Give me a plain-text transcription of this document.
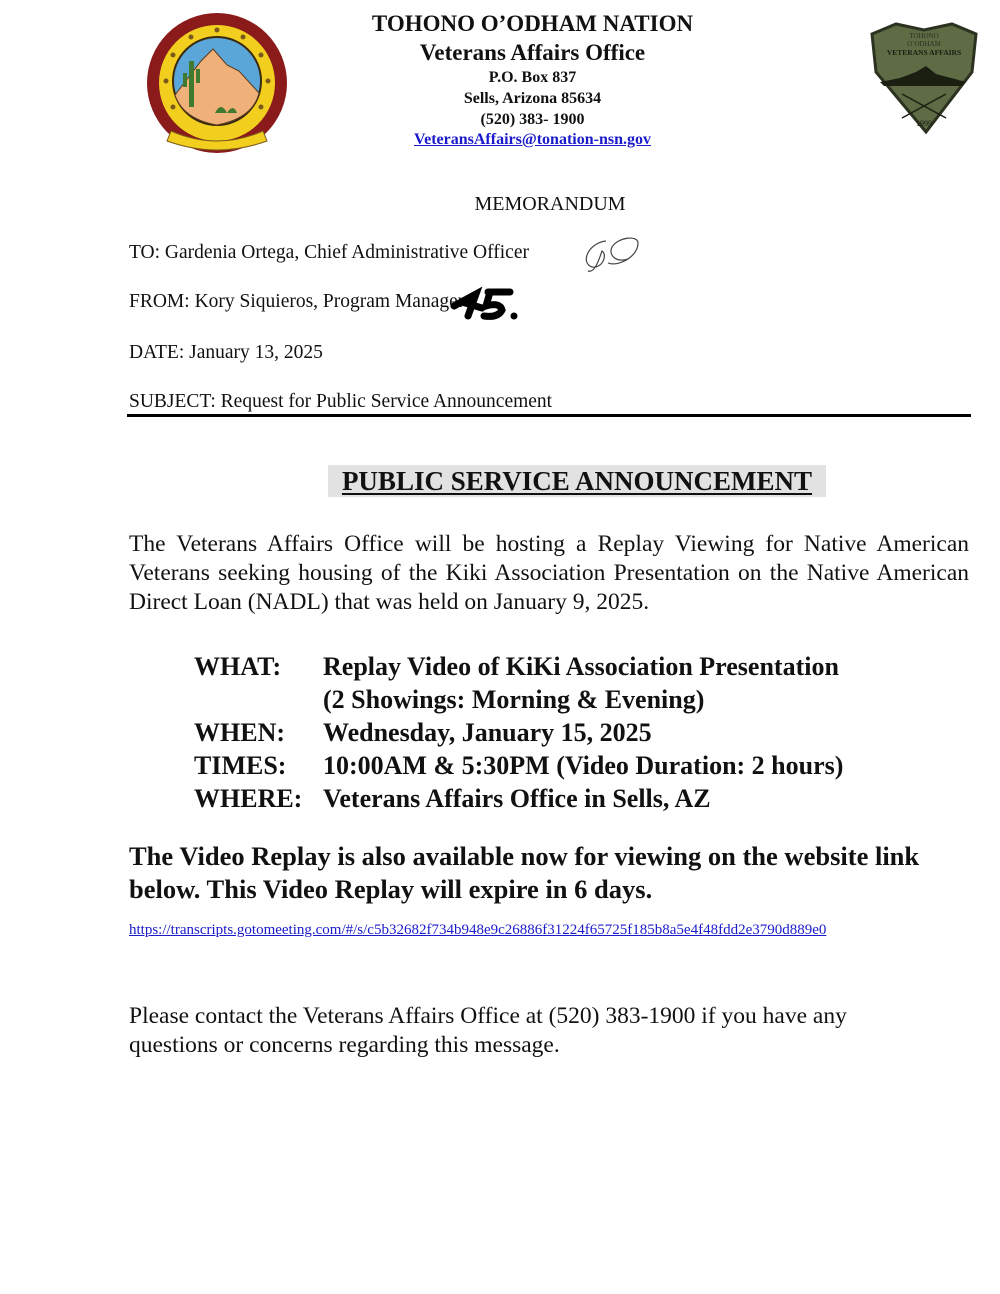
TOHONO
O’ODHAM
VETERANS AFFAIRS
1999
TOHONO O’ODHAM NATION
Veterans Affairs Office
P.O. Box 837
Sells, Arizona 85634
(520) 383- 1900
VeteransAffairs@tonation-nsn.gov
MEMORANDUM
TO: Gardenia Ortega, Chief Administrative Officer
FROM: Kory Siquieros, Program Manager
DATE: January 13, 2025
SUBJECT: Request for Public Service Announcement
PUBLIC SERVICE ANNOUNCEMENT
The Veterans Affairs Office will be hosting a Replay Viewing for Native American Veterans seeking housing of the Kiki Association Presentation on the Native American Direct Loan (NADL) that was held on January 9, 2025.
WHAT:	Replay Video of KiKi Association Presentation
(2 Showings: Morning & Evening)
WHEN:	Wednesday, January 15, 2025
TIMES:	10:00AM & 5:30PM (Video Duration: 2 hours)
WHERE: Veterans Affairs Office in Sells, AZ
The Video Replay is also available now for viewing on the website link below. This Video Replay will expire in 6 days.
https://transcripts.gotomeeting.com/#/s/c5b32682f734b948e9c26886f31224f65725f185b8a5e4f48fdd2e3790d889e0
Please contact the Veterans Affairs Office at (520) 383-1900 if you have any questions or concerns regarding this message.
